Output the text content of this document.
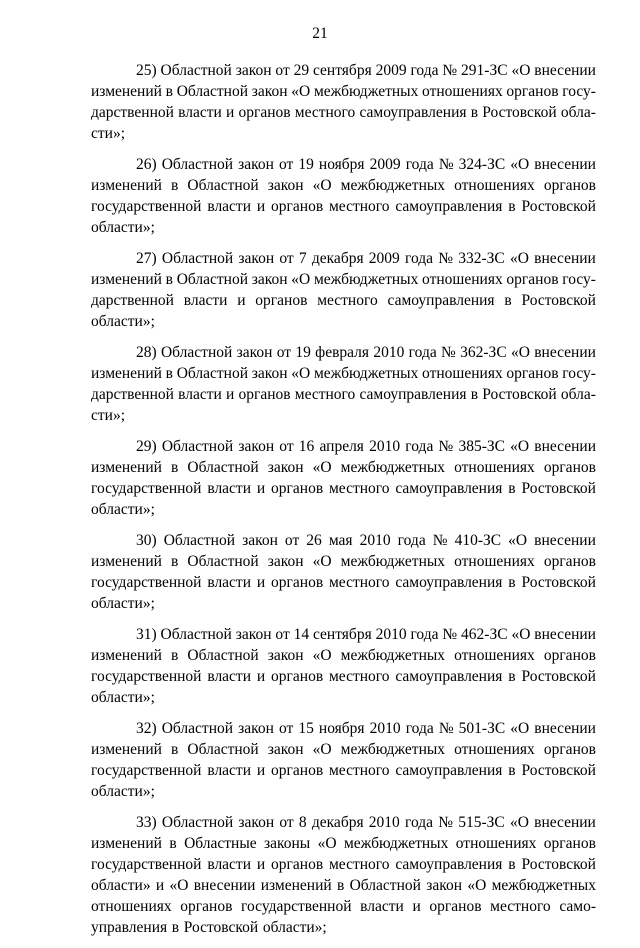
21
25) Областной закон от 29 сентября 2009 года № 291-ЗС «О внесении
изменений в Областной закон «О межбюджетных отношениях органов госу-
дарственной власти и органов местного самоуправления в Ростовской обла-
сти»;
26) Областной закон от 19 ноября 2009 года № 324-ЗС «О внесении
изменений в Областной закон «О межбюджетных отношениях органов
государственной власти и органов местного самоуправления в Ростовской
области»;
27) Областной закон от 7 декабря 2009 года № 332-ЗС «О внесении
изменений в Областной закон «О межбюджетных отношениях органов госу-
дарственной власти и органов местного самоуправления в Ростовской
области»;
28) Областной закон от 19 февраля 2010 года № 362-ЗС «О внесении
изменений в Областной закон «О межбюджетных отношениях органов госу-
дарственной власти и органов местного самоуправления в Ростовской обла-
сти»;
29) Областной закон от 16 апреля 2010 года № 385-ЗС «О внесении
изменений в Областной закон «О межбюджетных отношениях органов
государственной власти и органов местного самоуправления в Ростовской
области»;
30) Областной закон от 26 мая 2010 года № 410-ЗС «О внесении
изменений в Областной закон «О межбюджетных отношениях органов
государственной власти и органов местного самоуправления в Ростовской
области»;
31) Областной закон от 14 сентября 2010 года № 462-ЗС «О внесении
изменений в Областной закон «О межбюджетных отношениях органов
государственной власти и органов местного самоуправления в Ростовской
области»;
32) Областной закон от 15 ноября 2010 года № 501-ЗС «О внесении
изменений в Областной закон «О межбюджетных отношениях органов
государственной власти и органов местного самоуправления в Ростовской
области»;
33) Областной закон от 8 декабря 2010 года № 515-ЗС «О внесении
изменений в Областные законы «О межбюджетных отношениях органов
государственной власти и органов местного самоуправления в Ростовской
области» и «О внесении изменений в Областной закон «О межбюджетных
отношениях органов государственной власти и органов местного само-
управления в Ростовской области»;
